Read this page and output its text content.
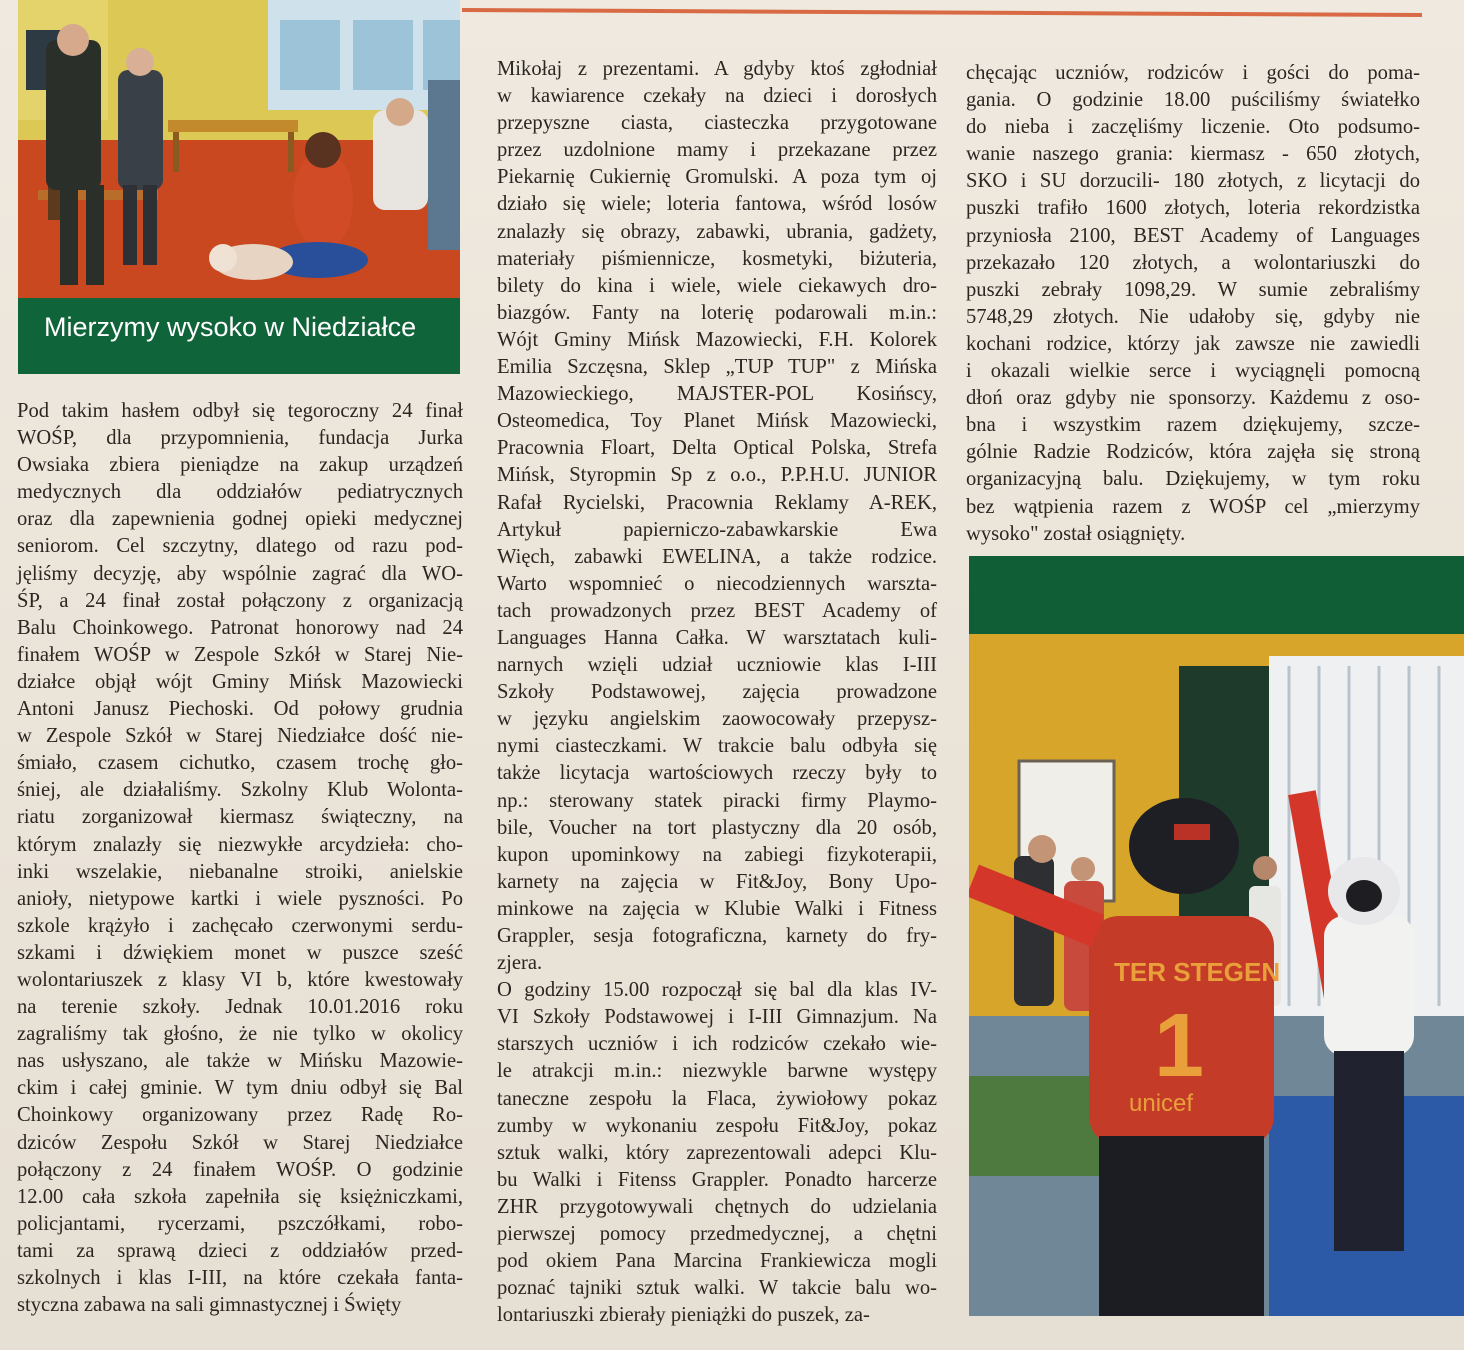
Mierzymy wysoko w Niedziałce
Pod takim hasłem odbył się tegoroczny 24 finał
WOŚP, dla przypomnienia, fundacja Jurka
Owsiaka zbiera pieniądze na zakup urządzeń
medycznych dla oddziałów pediatrycznych
oraz dla zapewnienia godnej opieki medycznej
seniorom. Cel szczytny, dlatego od razu pod-
jęliśmy decyzję, aby wspólnie zagrać dla WO-
ŚP, a 24 finał został połączony z organizacją
Balu Choinkowego. Patronat honorowy nad 24
finałem WOŚP w Zespole Szkół w Starej Nie-
działce objął wójt Gminy Mińsk Mazowiecki
Antoni Janusz Piechoski. Od połowy grudnia
w Zespole Szkół w Starej Niedziałce dość nie-
śmiało, czasem cichutko, czasem trochę gło-
śniej, ale działaliśmy. Szkolny Klub Wolonta-
riatu zorganizował kiermasz świąteczny, na
którym znalazły się niezwykłe arcydzieła: cho-
inki wszelakie, niebanalne stroiki, anielskie
anioły, nietypowe kartki i wiele pyszności. Po
szkole krążyło i zachęcało czerwonymi serdu-
szkami i dźwiękiem monet w puszce sześć
wolontariuszek z klasy VI b, które kwestowały
na terenie szkoły. Jednak 10.01.2016 roku
zagraliśmy tak głośno, że nie tylko w okolicy
nas usłyszano, ale także w Mińsku Mazowie-
ckim i całej gminie. W tym dniu odbył się Bal
Choinkowy organizowany przez Radę Ro-
dziców Zespołu Szkół w Starej Niedziałce
połączony z 24 finałem WOŚP. O godzinie
12.00 cała szkoła zapełniła się księżniczkami,
policjantami, rycerzami, pszczółkami, robo-
tami za sprawą dzieci z oddziałów przed-
szkolnych i klas I-III, na które czekała fanta-
styczna zabawa na sali gimnastycznej i Święty
Mikołaj z prezentami. A gdyby ktoś zgłodniał
w kawiarence czekały na dzieci i dorosłych
przepyszne ciasta, ciasteczka przygotowane
przez uzdolnione mamy i przekazane przez
Piekarnię Cukiernię Gromulski. A poza tym oj
działo się wiele; loteria fantowa, wśród losów
znalazły się obrazy, zabawki, ubrania, gadżety,
materiały piśmiennicze, kosmetyki, biżuteria,
bilety do kina i wiele, wiele ciekawych dro-
biazgów. Fanty na loterię podarowali m.in.:
Wójt Gminy Mińsk Mazowiecki, F.H. Kolorek
Emilia Szczęsna, Sklep „TUP TUP" z Mińska
Mazowieckiego, MAJSTER-POL Kosińscy,
Osteomedica, Toy Planet Mińsk Mazowiecki,
Pracownia Floart, Delta Optical Polska, Strefa
Mińsk, Styropmin Sp z o.o., P.P.H.U. JUNIOR
Rafał Rycielski, Pracownia Reklamy A-REK,
Artykuł papierniczo-zabawkarskie Ewa
Więch, zabawki EWELINA, a także rodzice.
Warto wspomnieć o niecodziennych warszta-
tach prowadzonych przez BEST Academy of
Languages Hanna Całka. W warsztatach kuli-
narnych wzięli udział uczniowie klas I-III
Szkoły Podstawowej, zajęcia prowadzone
w języku angielskim zaowocowały przepysz-
nymi ciasteczkami. W trakcie balu odbyła się
także licytacja wartościowych rzeczy były to
np.: sterowany statek piracki firmy Playmo-
bile, Voucher na tort plastyczny dla 20 osób,
kupon upominkowy na zabiegi fizykoterapii,
karnety na zajęcia w Fit&Joy, Bony Upo-
minkowe na zajęcia w Klubie Walki i Fitness
Grappler, sesja fotograficzna, karnety do fry-
zjera.
O godziny 15.00 rozpoczął się bal dla klas IV-
VI Szkoły Podstawowej i I-III Gimnazjum. Na
starszych uczniów i ich rodziców czekało wie-
le atrakcji m.in.: niezwykle barwne występy
taneczne zespołu la Flaca, żywiołowy pokaz
zumby w wykonaniu zespołu Fit&Joy, pokaz
sztuk walki, który zaprezentowali adepci Klu-
bu Walki i Fitenss Grappler. Ponadto harcerze
ZHR przygotowywali chętnych do udzielania
pierwszej pomocy przedmedycznej, a chętni
pod okiem Pana Marcina Frankiewicza mogli
poznać tajniki sztuk walki. W takcie balu wo-
lontariuszki zbierały pieniążki do puszek, za-
chęcając uczniów, rodziców i gości do poma-
gania. O godzinie 18.00 puściliśmy światełko
do nieba i zaczęliśmy liczenie. Oto podsumo-
wanie naszego grania: kiermasz - 650 złotych,
SKO i SU dorzucili- 180 złotych, z licytacji do
puszki trafiło 1600 złotych, loteria rekordzistka
przyniosła 2100, BEST Academy of Languages
przekazało 120 złotych, a wolontariuszki do
puszki zebrały 1098,29. W sumie zebraliśmy
5748,29 złotych. Nie udałoby się, gdyby nie
kochani rodzice, którzy jak zawsze nie zawiedli
i okazali wielkie serce i wyciągnęli pomocną
dłoń oraz gdyby nie sponsorzy. Każdemu z oso-
bna i wszystkim razem dziękujemy, szcze-
gólnie Radzie Rodziców, która zajęła się stroną
organizacyjną balu. Dziękujemy, w tym roku
bez wątpienia razem z WOŚP cel „mierzymy
wysoko" został osiągnięty.
TER STEGEN
1
unicef
